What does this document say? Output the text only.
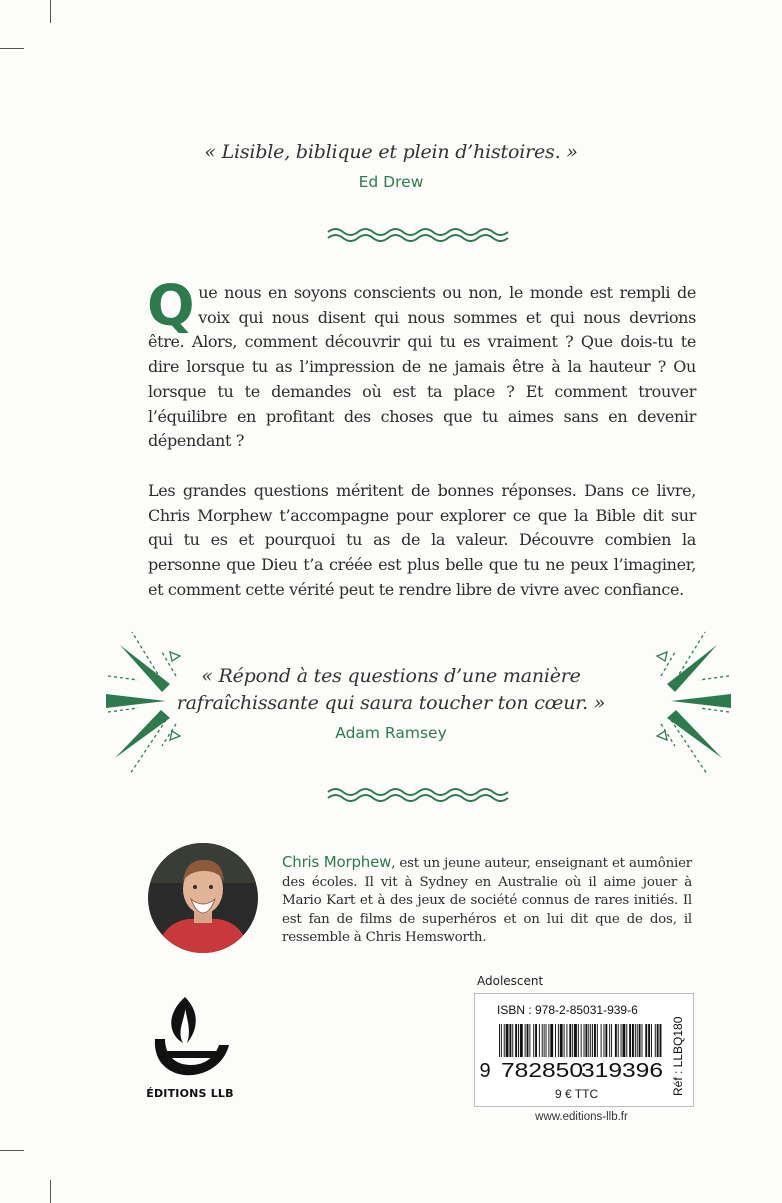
« Lisible, biblique et plein d’histoires. »
Ed Drew

Que nous en soyons conscients ou non, le monde est rempli de voix qui nous disent qui nous sommes et qui nous devrions être. Alors, comment découvrir qui tu es vraiment ? Que dois-tu te dire lorsque tu as l’impression de ne jamais être à la hauteur ? Ou lorsque tu te demandes où est ta place ? Et comment trouver l’équilibre en profitant des choses que tu aimes sans en devenir dépendant ?

Les grandes questions méritent de bonnes réponses. Dans ce livre, Chris Morphew t’accompagne pour explorer ce que la Bible dit sur qui tu es et pourquoi tu as de la valeur. Découvre combien la personne que Dieu t’a créée est plus belle que tu ne peux l’imaginer, et comment cette vérité peut te rendre libre de vivre avec confiance.

« Répond à tes questions d’une manière
rafraîchissante qui saura toucher ton cœur. »
Adam Ramsey
Chris Morphew, est un jeune auteur, enseignant et aumônier des écoles. Il vit à Sydney en Australie où il aime jouer à Mario Kart et à des jeux de société connus de rares initiés. Il est fan de films de superhéros et on lui dit que de dos, il ressemble à Chris Hemsworth.
ÉDITIONS LLB
Adolescent
ISBN : 978-2-85031-939-6
9 782850
319396
9 € TTC	Réf : LLBQ180
www.editions-llb.fr
